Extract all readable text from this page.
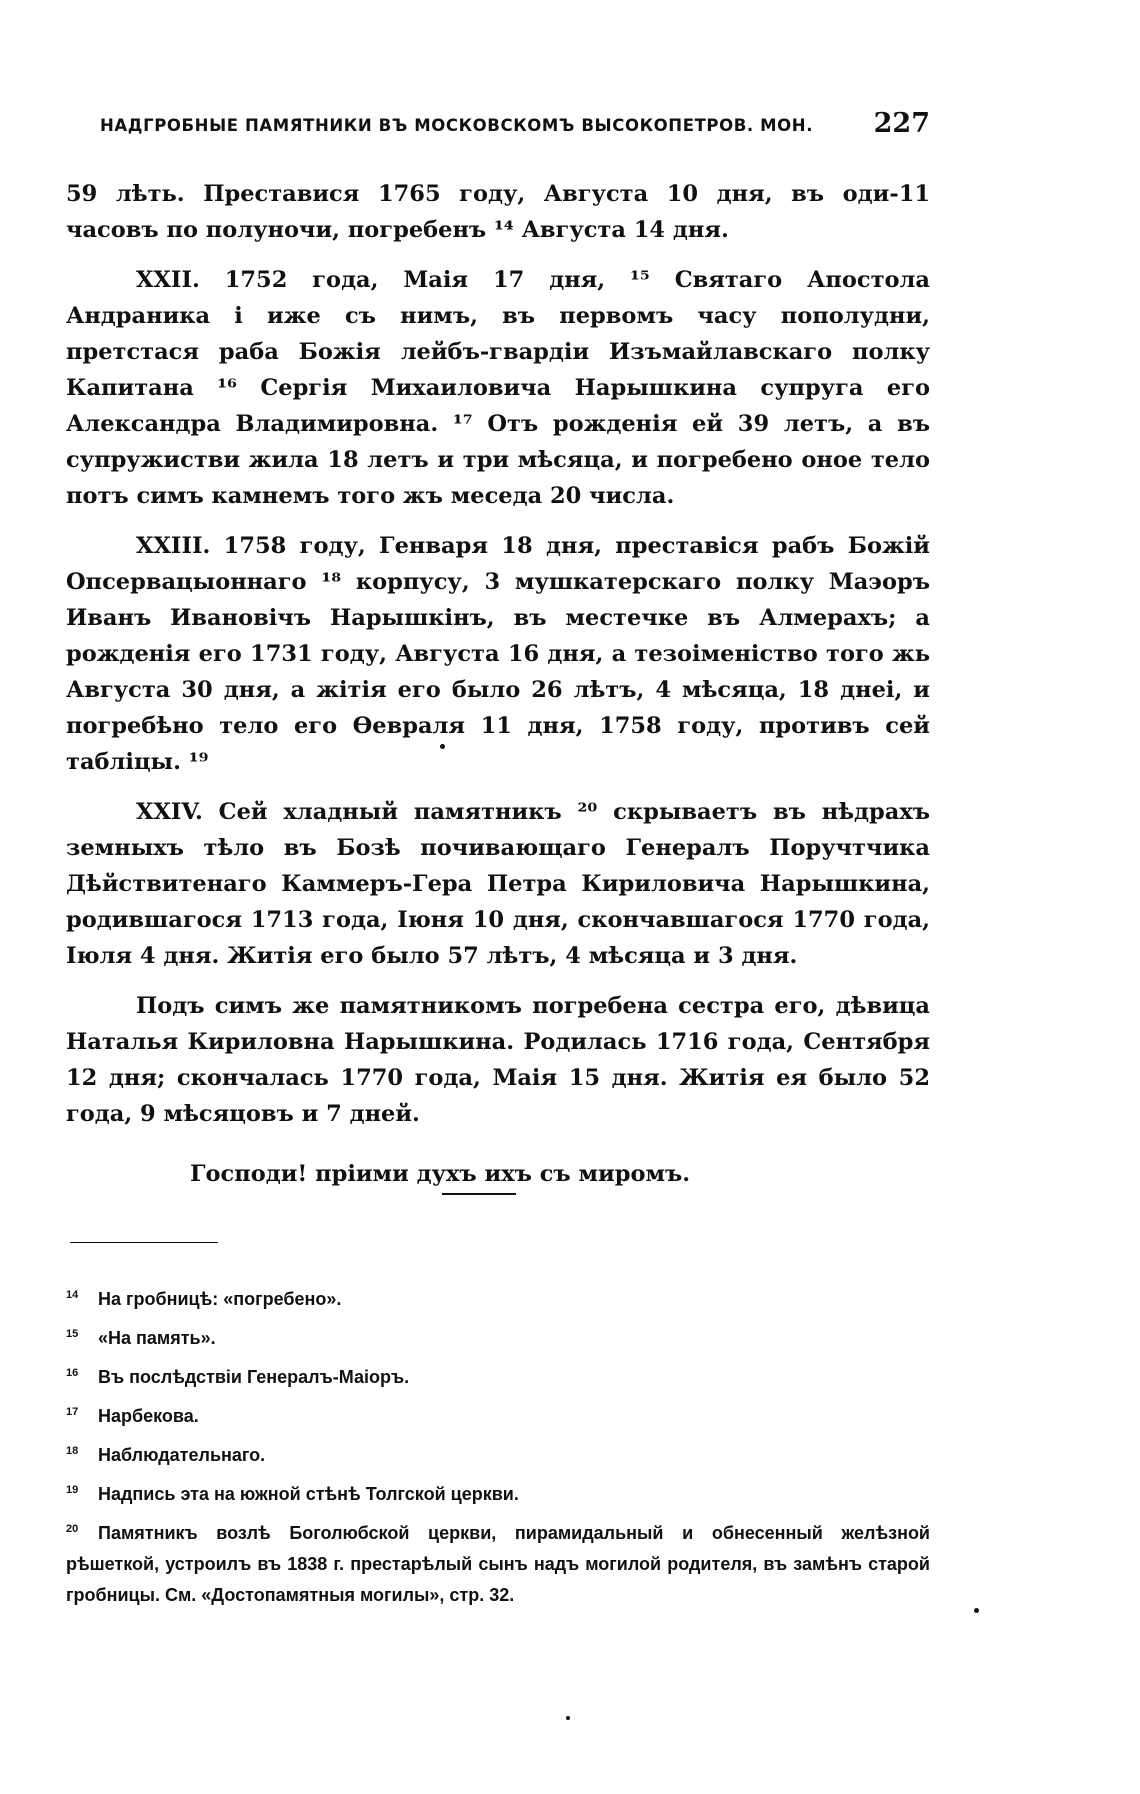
НАДГРОБНЫЕ ПАМЯТНИКИ ВЪ МОСКОВСКОМЪ ВЫСОКОПЕТРОВ. МОН. 227

59 лѣть. Преставися 1765 году, Августа 10 дня, въ оди-11 часовъ по полуночи, погребенъ ¹⁴ Августа 14 дня.

XXII. 1752 года, Маія 17 дня, ¹⁵ Святаго Апостола Андраника і иже съ нимъ, въ первомъ часу пополудни, претстася раба Божія лейбъ-гвардіи Изъмайлавскаго полку Капитана ¹⁶ Сергія Михаиловича Нарышкина супруга его Александра Владимировна. ¹⁷ Отъ рожденія ей 39 летъ, а въ супружистви жила 18 летъ и три мѣсяца, и погребено оное тело потъ симъ камнемъ того жъ меседа 20 числа.

XXIII. 1758 году, Генваря 18 дня, преставіся рабъ Божій Опсервацыоннаго ¹⁸ корпусу, 3 мушкатерскаго полку Маэоръ Иванъ Ивановічъ Нарышкінъ, въ местечке въ Алмерахъ; а рожденія его 1731 году, Августа 16 дня, а тезоіменіство того жь Августа 30 дня, а жітія его было 26 лѣтъ, 4 мѣсяца, 18 днеі, и погребѣно тело его Өевраля 11 дня, 1758 году, противъ сей таблiцы. ¹⁹

XXIV. Сей хладный памятникъ ²⁰ скрываетъ въ нѣдрахъ земныхъ тѣло въ Бозѣ почивающаго Генералъ Поручтчика Дѣйствитенаго Каммеръ-Гера Петра Кириловича Нарышкина, родившагося 1713 года, Іюня 10 дня, скончавшагося 1770 года, Іюля 4 дня. Житія его было 57 лѣтъ, 4 мѣсяца и 3 дня.

Подъ симъ же памятникомъ погребена сестра его, дѣвица Наталья Кириловна Нарышкина. Родилась 1716 года, Сентября 12 дня; скончалась 1770 года, Маія 15 дня. Житія ея было 52 года, 9 мѣсяцовъ и 7 дней.

Господи! пріими духъ ихъ съ миромъ.

14 На гробницѣ: «погребено».

15 «На память».

16 Въ послѣдствіи Генералъ-Маіоръ.

17 Нарбекова.

18 Наблюдательнаго.

19 Надпись эта на южной стѣнѣ Толгской церкви.

20 Памятникъ возлѣ Боголюбской церкви, пирамидальный и обнесенный желѣзной рѣшеткой, устроилъ въ 1838 г. престарѣлый сынъ надъ могилой родителя, въ замѣнъ старой гробницы. См. «Достопамятныя могилы», стр. 32.
